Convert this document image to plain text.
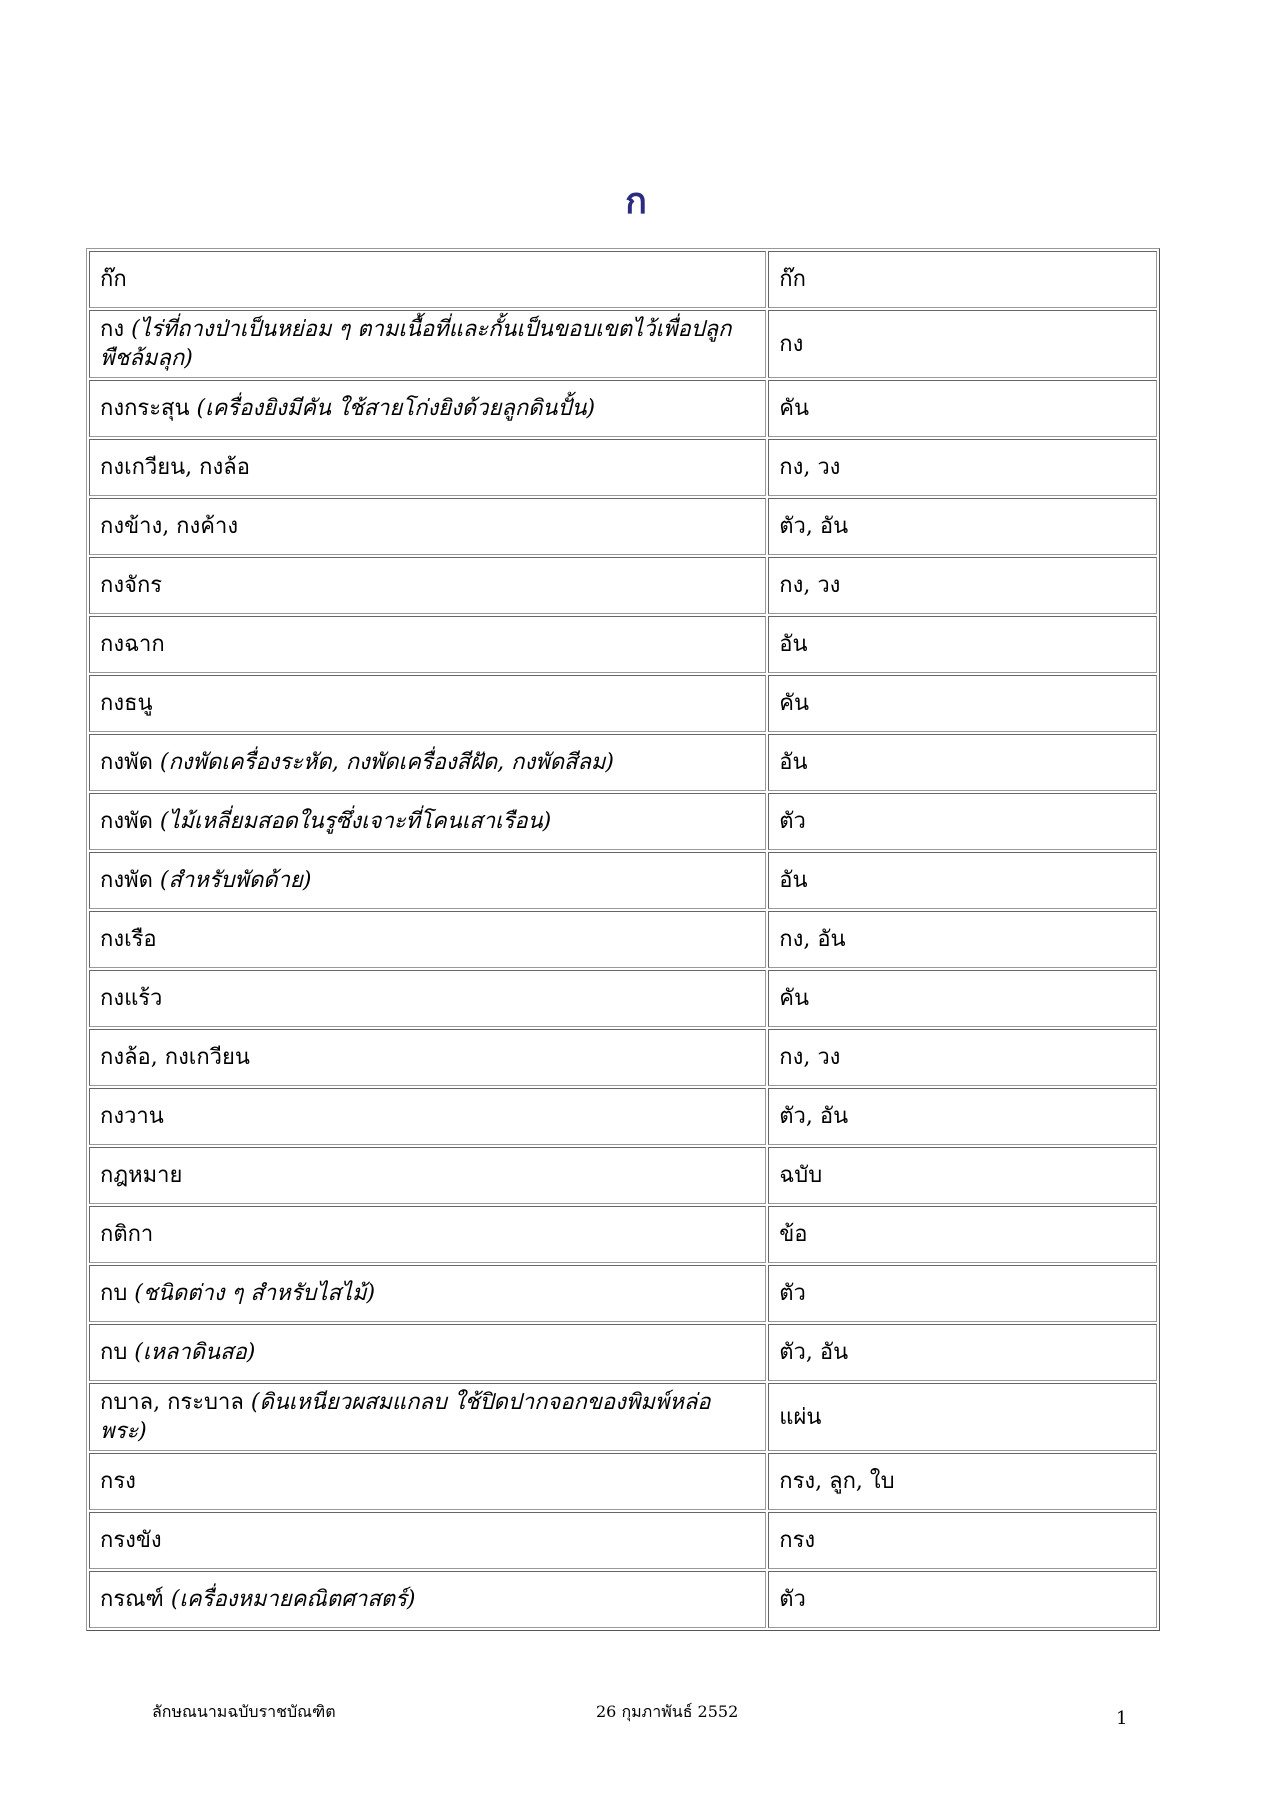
ก
ก๊ก	ก๊ก
กง (ไร่ที่ถางป่าเป็นหย่อม ๆ ตามเนื้อที่และกั้นเป็นขอบเขตไว้เพื่อปลูกพืชล้มลุก)	กง
กงกระสุน (เครื่องยิงมีคัน ใช้สายโก่งยิงด้วยลูกดินปั้น)	คัน
กงเกวียน, กงล้อ	กง, วง
กงข้าง, กงค้าง	ตัว, อัน
กงจักร	กง, วง
กงฉาก	อัน
กงธนู	คัน
กงพัด (กงพัดเครื่องระหัด, กงพัดเครื่องสีฝัด, กงพัดสีลม)	อัน
กงพัด (ไม้เหลี่ยมสอดในรูซึ่งเจาะที่โคนเสาเรือน)	ตัว
กงพัด (สำหรับพัดด้าย)	อัน
กงเรือ	กง, อัน
กงแร้ว	คัน
กงล้อ, กงเกวียน	กง, วง
กงวาน	ตัว, อัน
กฎหมาย	ฉบับ
กติกา	ข้อ
กบ (ชนิดต่าง ๆ สำหรับไสไม้)	ตัว
กบ (เหลาดินสอ)	ตัว, อัน
กบาล, กระบาล (ดินเหนียวผสมแกลบ ใช้ปิดปากจอกของพิมพ์หล่อพระ)	แผ่น
กรง	กรง, ลูก, ใบ
กรงขัง	กรง
กรณฑ์ (เครื่องหมายคณิตศาสตร์)	ตัว
ลักษณนามฉบับราชบัณฑิต	26 กุมภาพันธ์ 2552	1
